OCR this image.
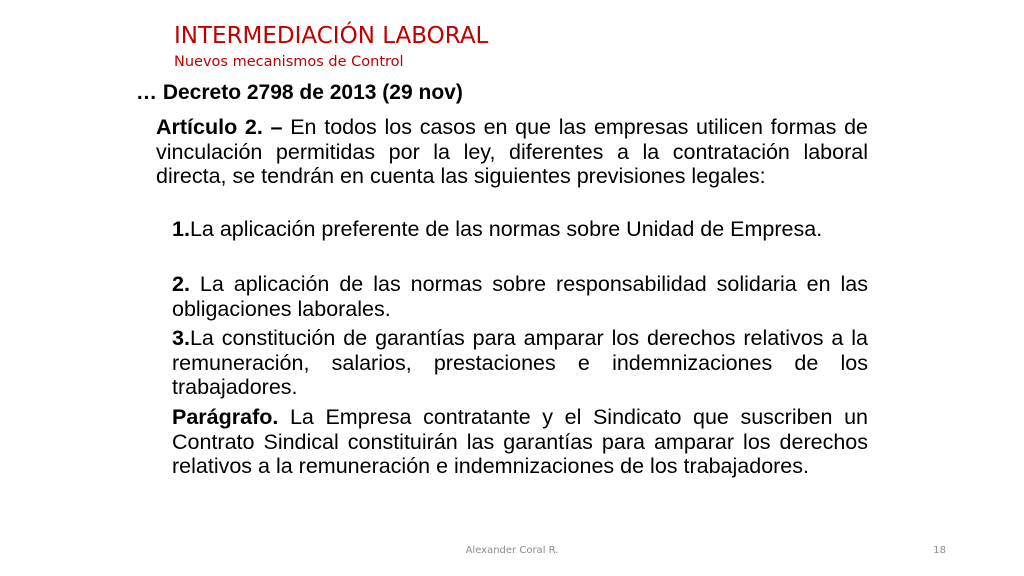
INTERMEDIACIÓN LABORAL
Nuevos mecanismos de Control
… Decreto 2798 de 2013 (29 nov)
Artículo 2. – En todos los casos en que las empresas utilicen formas de vinculación permitidas por la ley, diferentes a la contratación laboral directa, se tendrán en cuenta las siguientes previsiones legales:
1.La aplicación preferente de las normas sobre Unidad de Empresa.
2. La aplicación de las normas sobre responsabilidad solidaria en las obligaciones laborales.
3.La constitución de garantías para amparar los derechos relativos a la remuneración, salarios, prestaciones e indemnizaciones de los trabajadores.
Parágrafo. La Empresa contratante y el Sindicato que suscriben un Contrato Sindical constituirán las garantías para amparar los derechos relativos a la remuneración e indemnizaciones de los trabajadores.
Alexander Coral R.	18
